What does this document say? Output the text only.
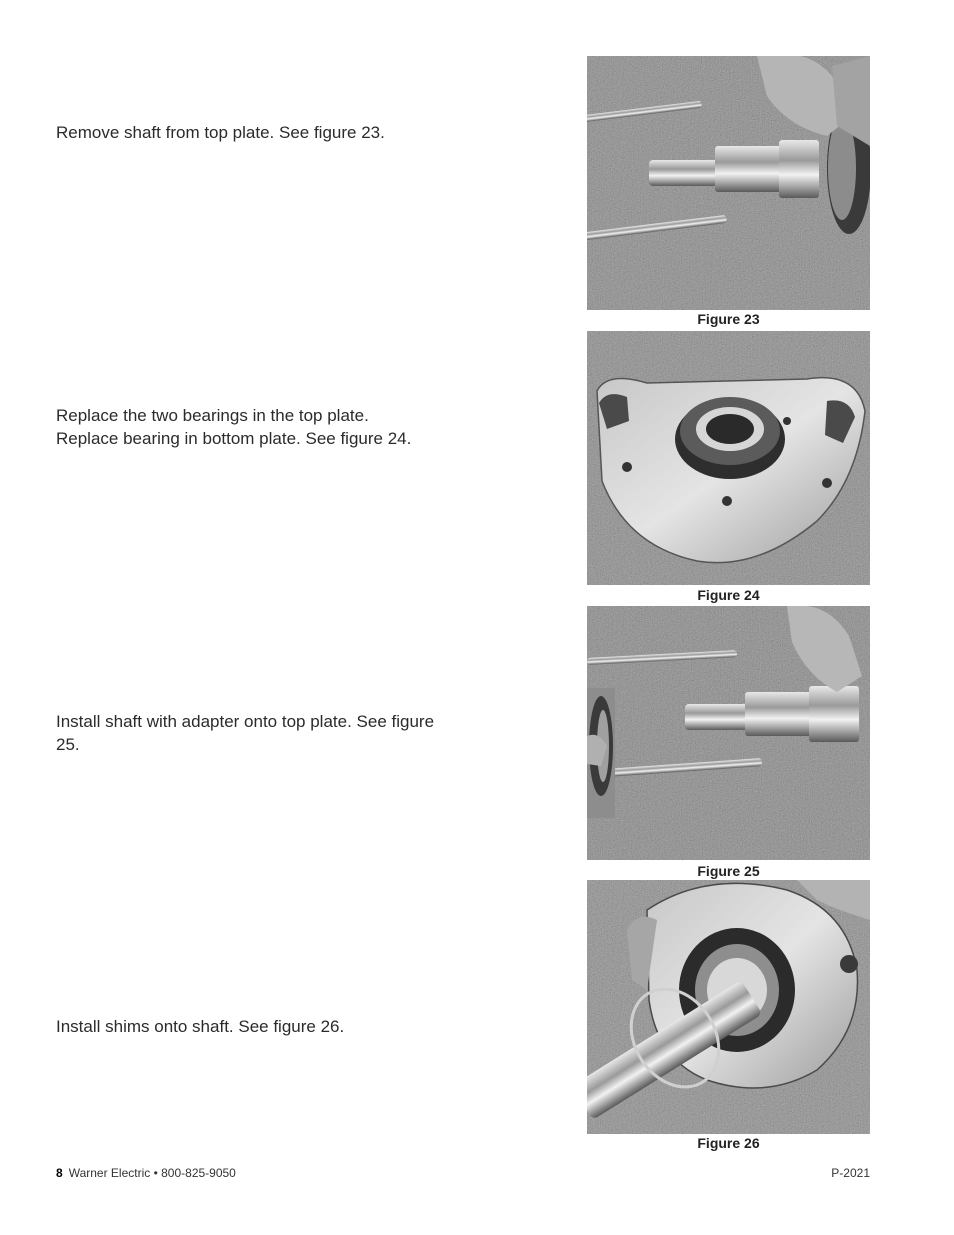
Remove shaft from top plate. See figure 23.

Replace the two bearings in the top plate.

Replace bearing in bottom plate. See figure 24.

Install shaft with adapter onto top plate. See figure

25.

Install shims onto shaft. See figure 26.

Figure 23
Figure 24
Figure 25
Figure 26
8 Warner Electric • 800-825-9050	P-2021
